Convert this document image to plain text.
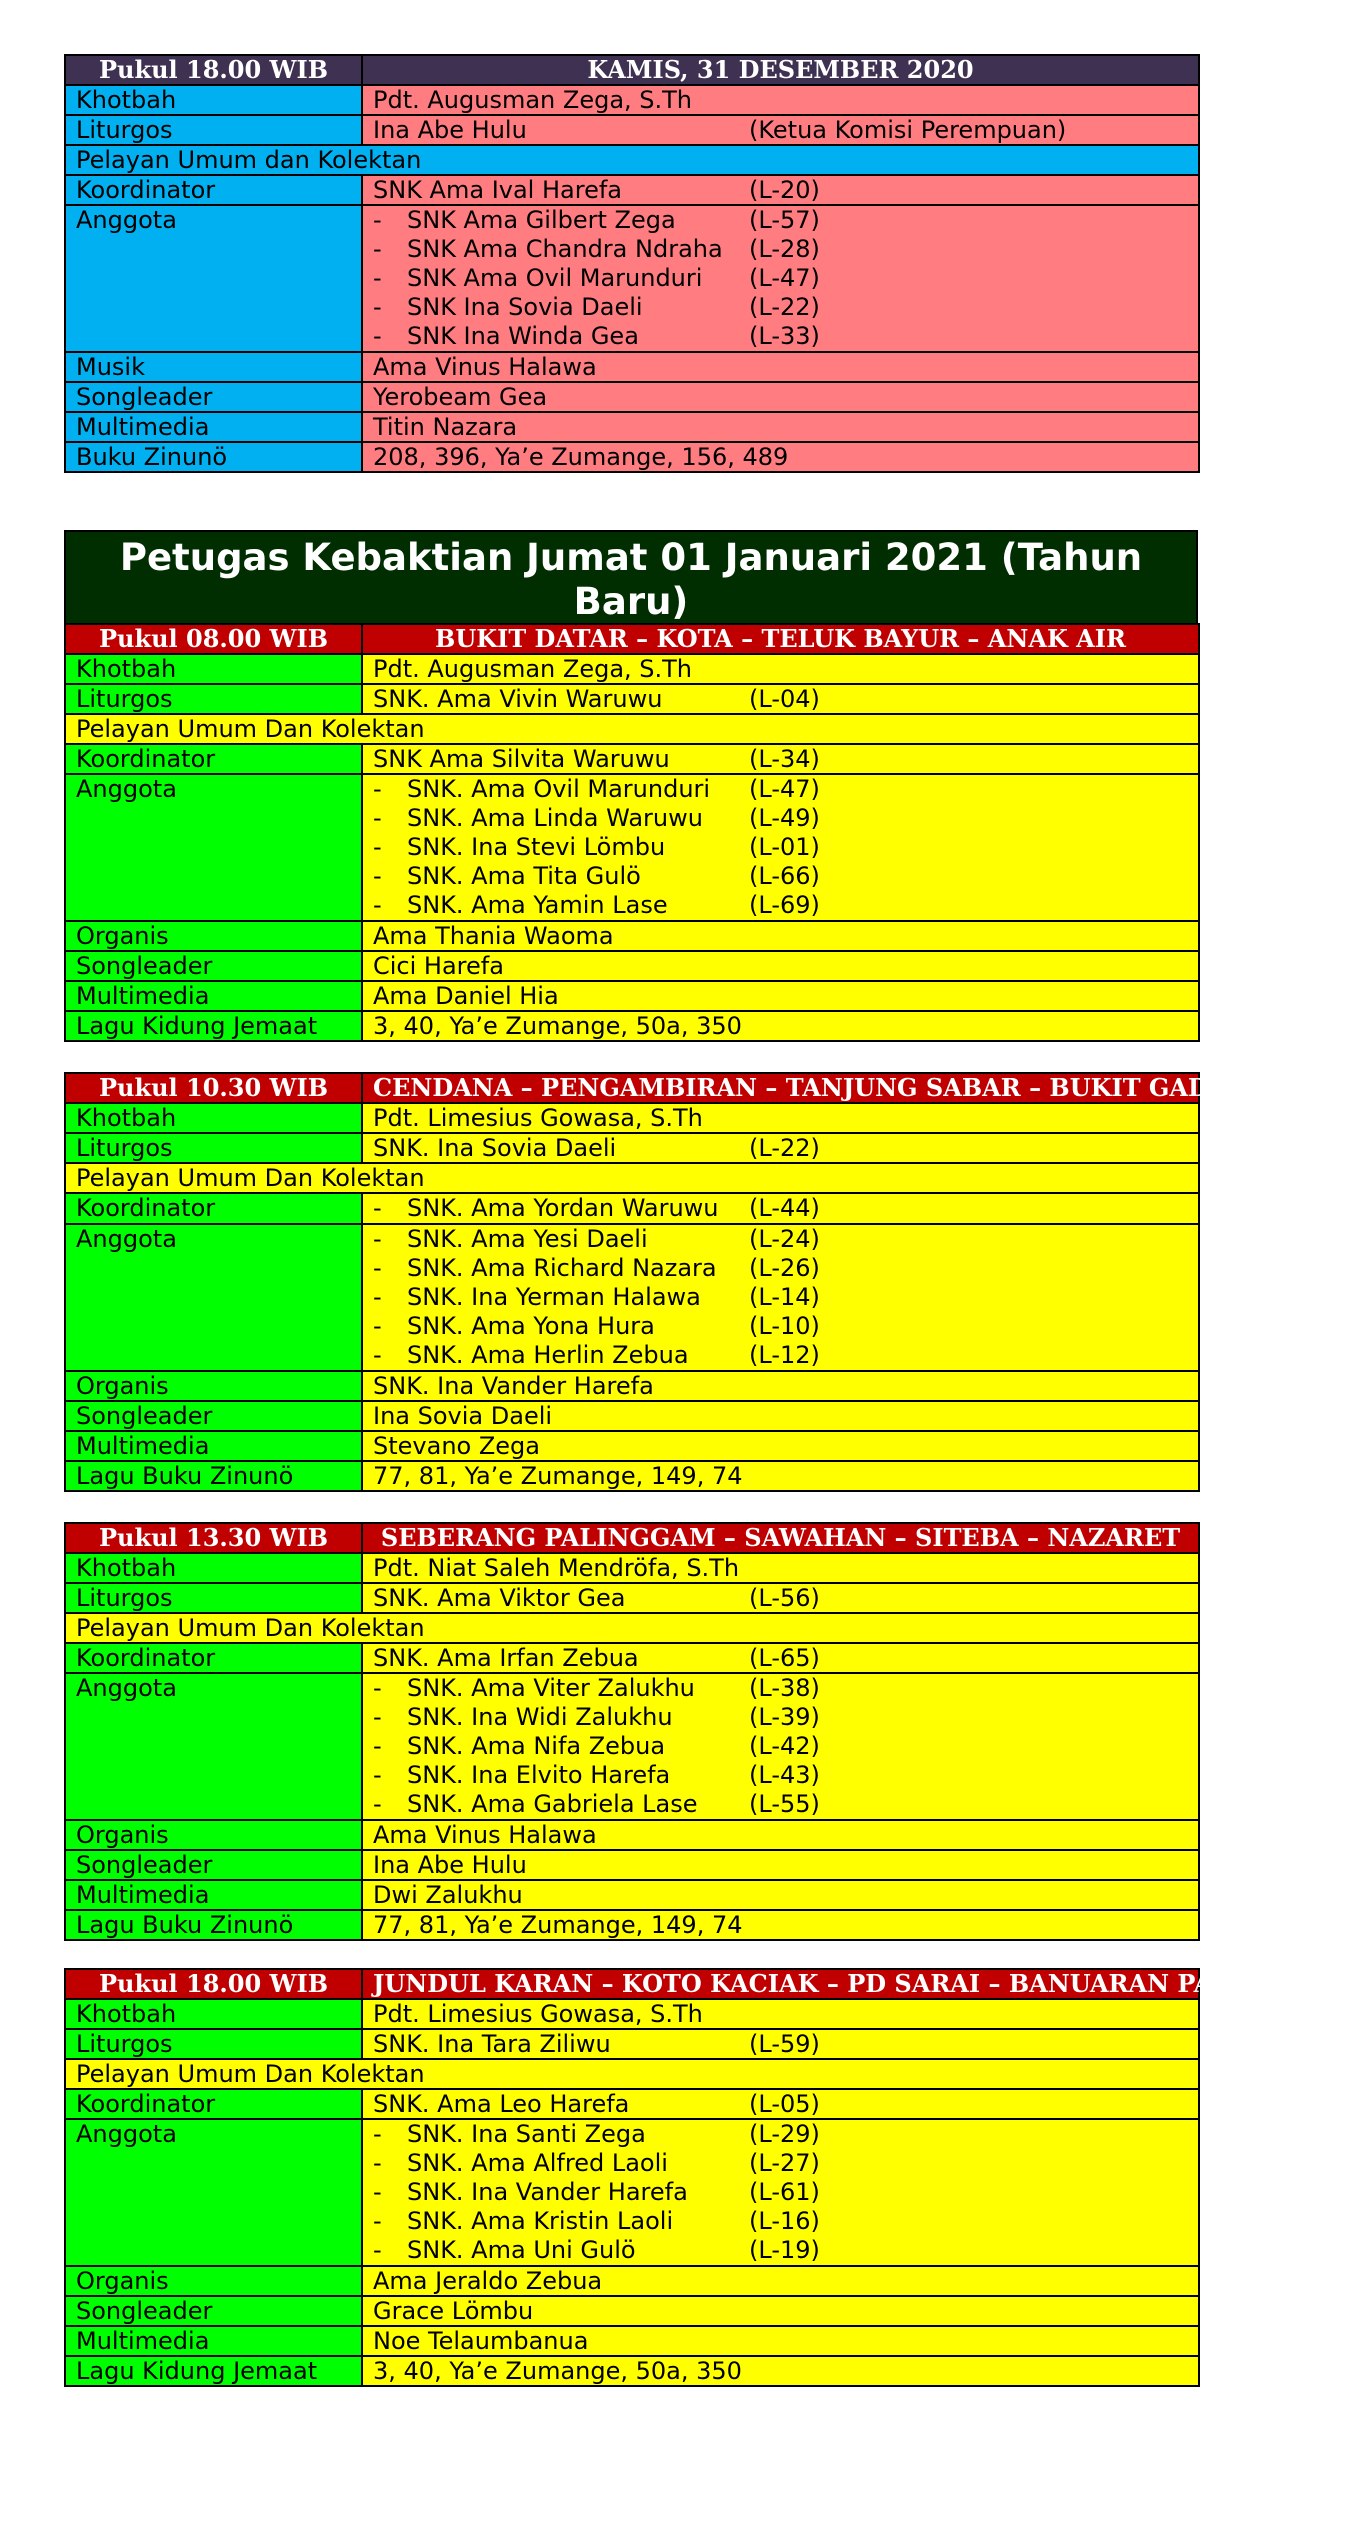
Pukul 18.00 WIB	KAMIS, 31 DESEMBER 2020
Khotbah	Pdt. Augusman Zega, S.Th
Liturgos	Ina Abe Hulu (Ketua Komisi Perempuan)
Pelayan Umum dan Kolektan	
Koordinator	SNK Ama Ival Harefa (L-20)
Anggota	- SNK Ama Gilbert Zega (L-57)
- SNK Ama Chandra Ndraha (L-28)
- SNK Ama Ovil Marunduri (L-47)
- SNK Ina Sovia Daeli (L-22)
- SNK Ina Winda Gea (L-33)

Musik	Ama Vinus Halawa
Songleader	Yerobeam Gea
Multimedia	Titin Nazara
Buku Zinunö	208, 396, Ya’e Zumange, 156, 489
Petugas Kebaktian Jumat 01 Januari 2021 (Tahun Baru)
Pukul 08.00 WIB	BUKIT DATAR – KOTA – TELUK BAYUR – ANAK AIR
Khotbah	Pdt. Augusman Zega, S.Th
Liturgos	SNK. Ama Vivin Waruwu (L-04)
Pelayan Umum Dan Kolektan	
Koordinator	SNK Ama Silvita Waruwu (L-34)
Anggota	- SNK. Ama Ovil Marunduri (L-47)
- SNK. Ama Linda Waruwu (L-49)
- SNK. Ina Stevi Lömbu (L-01)
- SNK. Ama Tita Gulö (L-66)
- SNK. Ama Yamin Lase (L-69)

Organis	Ama Thania Waoma
Songleader	Cici Harefa
Multimedia	Ama Daniel Hia
Lagu Kidung Jemaat	3, 40, Ya’e Zumange, 50a, 350
Pukul 10.30 WIB	CENDANA – PENGAMBIRAN – TANJUNG SABAR – BUKIT GADO-GADO
Khotbah	Pdt. Limesius Gowasa, S.Th
Liturgos	SNK. Ina Sovia Daeli (L-22)
Pelayan Umum Dan Kolektan	
Koordinator	- SNK. Ama Yordan Waruwu (L-44)

Anggota	- SNK. Ama Yesi Daeli (L-24)
- SNK. Ama Richard Nazara (L-26)
- SNK. Ina Yerman Halawa (L-14)
- SNK. Ama Yona Hura (L-10)
- SNK. Ama Herlin Zebua (L-12)

Organis	SNK. Ina Vander Harefa
Songleader	Ina Sovia Daeli
Multimedia	Stevano Zega
Lagu Buku Zinunö	77, 81, Ya’e Zumange, 149, 74
Pukul 13.30 WIB	SEBERANG PALINGGAM – SAWAHAN – SITEBA – NAZARET
Khotbah	Pdt. Niat Saleh Mendröfa, S.Th
Liturgos	SNK. Ama Viktor Gea (L-56)
Pelayan Umum Dan Kolektan	
Koordinator	SNK. Ama Irfan Zebua (L-65)
Anggota	- SNK. Ama Viter Zalukhu (L-38)
- SNK. Ina Widi Zalukhu (L-39)
- SNK. Ama Nifa Zebua (L-42)
- SNK. Ina Elvito Harefa (L-43)
- SNK. Ama Gabriela Lase (L-55)

Organis	Ama Vinus Halawa
Songleader	Ina Abe Hulu
Multimedia	Dwi Zalukhu
Lagu Buku Zinunö	77, 81, Ya’e Zumange, 149, 74
Pukul 18.00 WIB	JUNDUL KARAN – KOTO KACIAK – PD SARAI – BANUARAN PAMPANGAN
Khotbah	Pdt. Limesius Gowasa, S.Th
Liturgos	SNK. Ina Tara Ziliwu (L-59)
Pelayan Umum Dan Kolektan	
Koordinator	SNK. Ama Leo Harefa (L-05)
Anggota	- SNK. Ina Santi Zega (L-29)
- SNK. Ama Alfred Laoli (L-27)
- SNK. Ina Vander Harefa (L-61)
- SNK. Ama Kristin Laoli (L-16)
- SNK. Ama Uni Gulö (L-19)

Organis	Ama Jeraldo Zebua
Songleader	Grace Lömbu
Multimedia	Noe Telaumbanua
Lagu Kidung Jemaat	3, 40, Ya’e Zumange, 50a, 350
